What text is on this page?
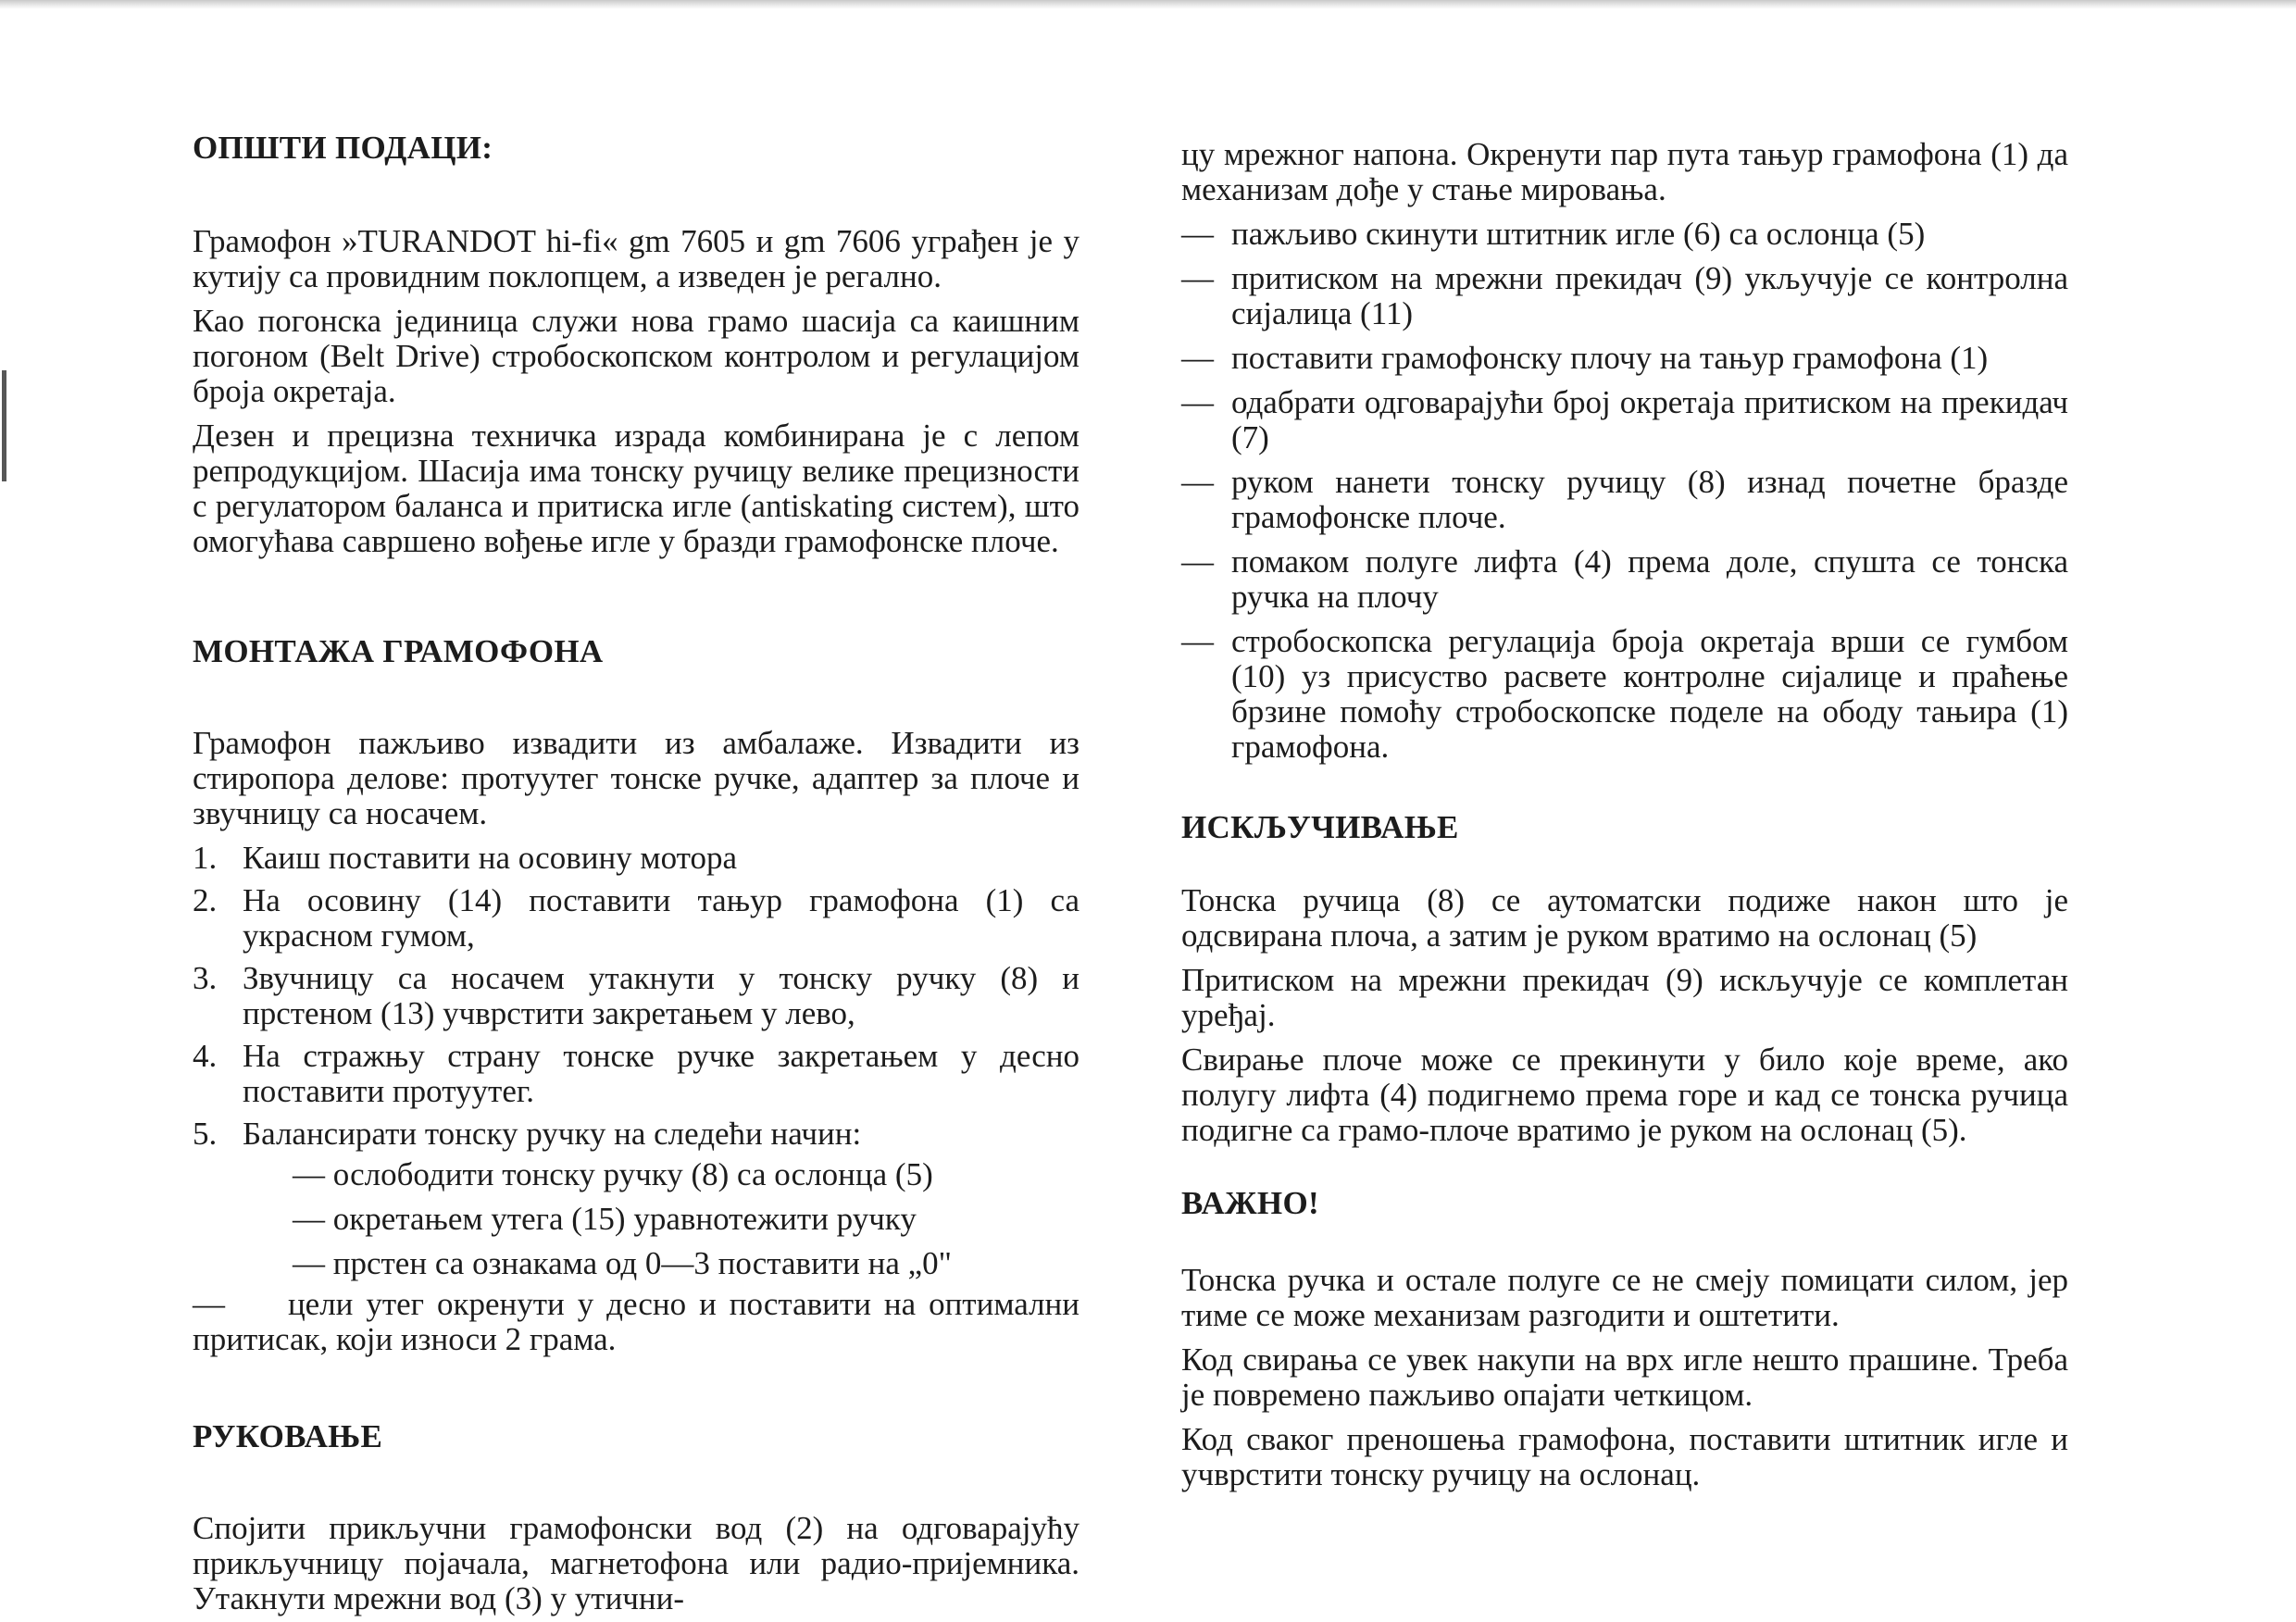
ОПШТИ ПОДАЦИ:

Грамофон »TURANDOT hi-fi« gm 7605 и gm 7606 уграђен је у кутију са провидним поклопцем, а изведен је регално.

Као погонска јединица служи нова грамо шасија са каишним погоном (Belt Drive) стробоскопском контролом и регулацијом броја окретаја.

Дезен и прецизна техничка израда комбинирана је с лепом репродукцијом. Шасија има тонску ручицу велике прецизности с регулатором баланса и притиска игле (antiskating систем), што омогућава савршено вођење игле у бразди грамофонске плоче.

МОНТАЖА ГРАМОФОНА

Грамофон пажљиво извадити из амбалаже. Извадити из стиропора делове: протуутег тонске ручке, адаптер за плоче и звучницу са носачем.

1. Каиш поставити на осовину мотора
2. На осовину (14) поставити тањур грамофона (1) са украсном гумом,
3. Звучницу са носачем утакнути у тонску ручку (8) и прстеном (13) учврстити закретањем у лево,
4. На стражњу страну тонске ручке закретањем у десно поставити протуутег.
5. Балансирати тонску ручку на следећи начин:
— ослободити тонску ручку (8) са ослонца (5)
— окретањем утега (15) уравнотежити ручку
— прстен са ознакама од 0—3 поставити на „0"
— цели утег окренути у десно и поставити на оптимални притисак, који износи 2 грама.
РУКОВАЊЕ

Спојити прикључни грамофонски вод (2) на одговарајућу прикључницу појачала, магнетофона или радио-пријемника. Утакнути мрежни вод (3) у утични-

цу мрежног напона. Окренути пар пута тањур грамофона (1) да механизам дође у стање мировања.

— пажљиво скинути штитник игле (6) са ослонца (5)
— притиском на мрежни прекидач (9) укључује се контролна сијалица (11)
— поставити грамофонску плочу на тањур грамофона (1)
— одабрати одговарајући број окретаја притиском на прекидач (7)
— руком нанети тонску ручицу (8) изнад почетне бразде грамофонске плоче.
— помаком полуге лифта (4) према доле, спушта се тонска ручка на плочу
— стробоскопска регулација броја окретаја врши се гумбом (10) уз присуство расвете контролне сијалице и праћење брзине помоћу стробоскопске поделе на ободу тањира (1) грамофона.
ИСКЉУЧИВАЊЕ

Тонска ручица (8) се аутоматски подиже након што је одсвирана плоча, а затим је руком вратимо на ослонац (5)

Притиском на мрежни прекидач (9) искључује се комплетан уређај.

Свирање плоче може се прекинути у било које време, ако полугу лифта (4) подигнемо према горе и кад се тонска ручица подигне са грамо-плоче вратимо је руком на ослонац (5).

ВАЖНО!

Тонска ручка и остале полуге се не смеју помицати силом, јер тиме се може механизам разгодити и оштетити.

Код свирања се увек накупи на врх игле нешто прашине. Треба је повремено пажљиво опајати четкицом.

Код сваког преношења грамофона, поставити штитник игле и учврстити тонску ручицу на ослонац.
